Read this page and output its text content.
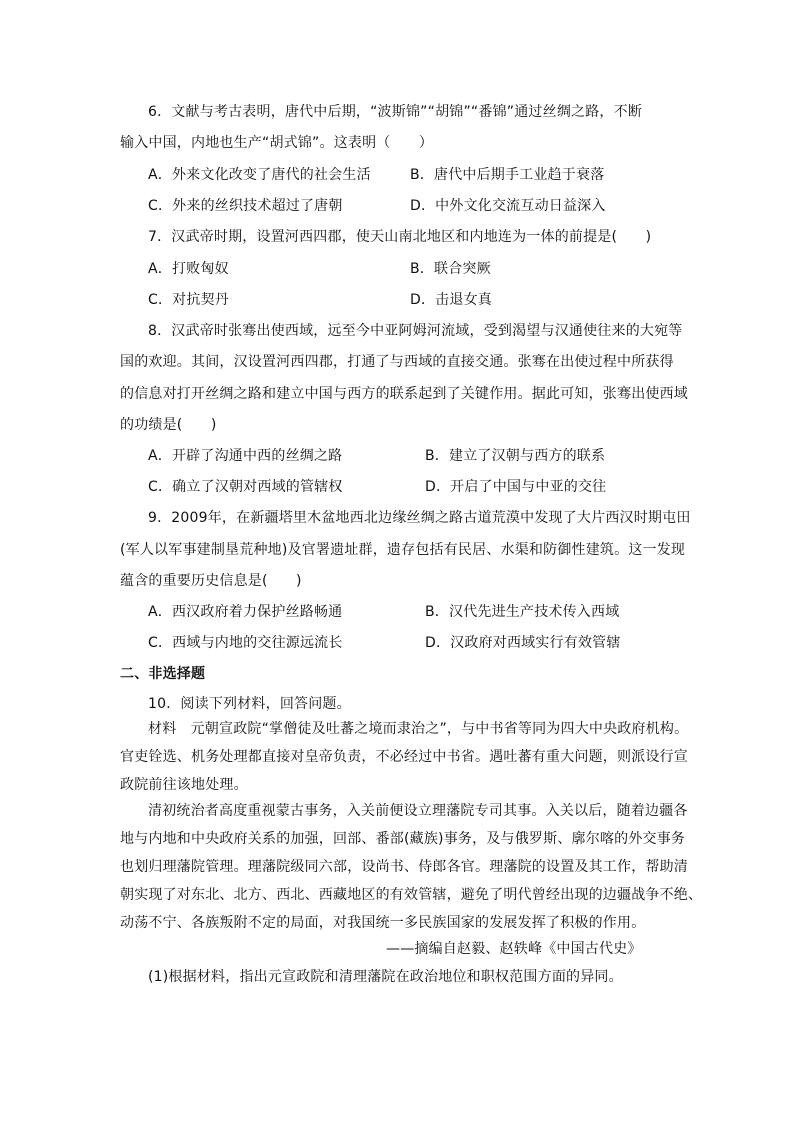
6．文献与考古表明，唐代中后期，“波斯锦”“胡锦”“番锦”通过丝绸之路，不断
输入中国，内地也生产“胡式锦”。这表明（　　）
A．外来文化改变了唐代的社会生活	B．唐代中后期手工业趋于衰落
C．外来的丝织技术超过了唐朝	D．中外文化交流互动日益深入
7．汉武帝时期，设置河西四郡，使天山南北地区和内地连为一体的前提是(　　)
A．打败匈奴	B．联合突厥
C．对抗契丹	D．击退女真
8．汉武帝时张骞出使西域，远至今中亚阿姆河流域，受到渴望与汉通使往来的大宛等
国的欢迎。其间，汉设置河西四郡，打通了与西域的直接交通。张骞在出使过程中所获得
的信息对打开丝绸之路和建立中国与西方的联系起到了关键作用。据此可知，张骞出使西域
的功绩是(　　)
A．开辟了沟通中西的丝绸之路	B．建立了汉朝与西方的联系
C．确立了汉朝对西域的管辖权	D．开启了中国与中亚的交往
9．2009年，在新疆塔里木盆地西北边缘丝绸之路古道荒漠中发现了大片西汉时期屯田
(军人以军事建制垦荒种地)及官署遗址群，遗存包括有民居、水渠和防御性建筑。这一发现
蕴含的重要历史信息是(　　)
A．西汉政府着力保护丝路畅通	B．汉代先进生产技术传入西域
C．西域与内地的交往源远流长	D．汉政府对西域实行有效管辖
二、非选择题
10．阅读下列材料，回答问题。
材料　元朝宣政院“掌僧徒及吐蕃之境而隶治之”，与中书省等同为四大中央政府机构。
官吏铨选、机务处理都直接对皇帝负责，不必经过中书省。遇吐蕃有重大问题，则派设行宣
政院前往该地处理。
清初统治者高度重视蒙古事务，入关前便设立理藩院专司其事。入关以后，随着边疆各
地与内地和中央政府关系的加强，回部、番部(藏族)事务，及与俄罗斯、廓尔喀的外交事务
也划归理藩院管理。理藩院级同六部，设尚书、侍郎各官。理藩院的设置及其工作，帮助清
朝实现了对东北、北方、西北、西藏地区的有效管辖，避免了明代曾经出现的边疆战争不绝、
动荡不宁、各族叛附不定的局面，对我国统一多民族国家的发展发挥了积极的作用。
——摘编自赵毅、赵轶峰《中国古代史》
(1)根据材料，指出元宣政院和清理藩院在政治地位和职权范围方面的异同。
